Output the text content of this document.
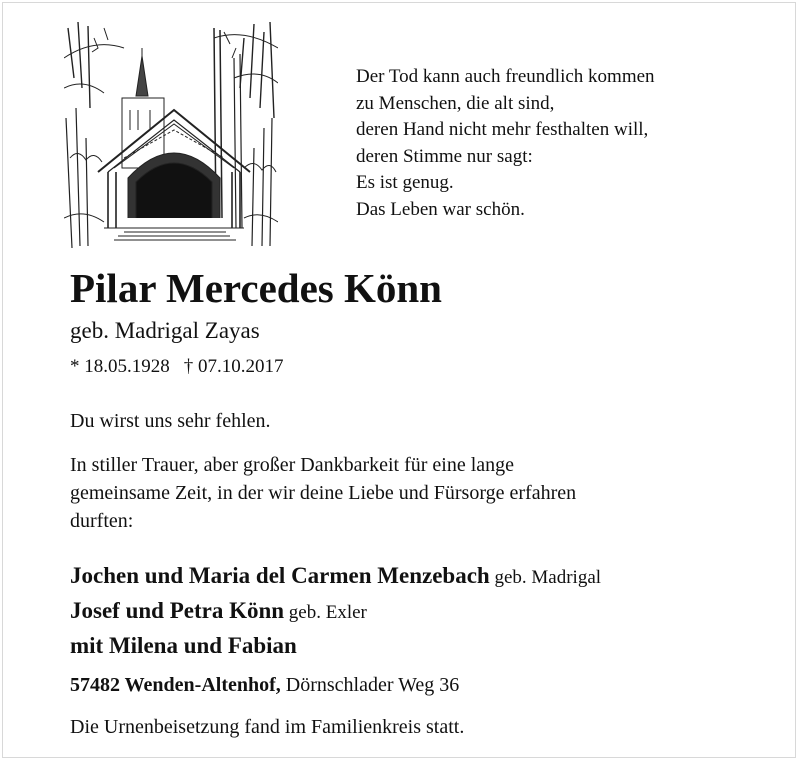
Der Tod kann auch freundlich kommen
zu Menschen, die alt sind,
deren Hand nicht mehr festhalten will,
deren Stimme nur sagt:
Es ist genug.
Das Leben war schön.
Pilar Mercedes Könn
geb. Madrigal Zayas
* 18.05.1928 † 07.10.2017
Du wirst uns sehr fehlen.
In stiller Trauer, aber großer Dankbarkeit für eine lange
gemeinsame Zeit, in der wir deine Liebe und Fürsorge erfahren
durften:
Jochen und Maria del Carmen Menzebach geb. Madrigal
Josef und Petra Könn geb. Exler
mit Milena und Fabian
57482 Wenden-Altenhof, Dörnschlader Weg 36
Die Urnenbeisetzung fand im Familienkreis statt.
